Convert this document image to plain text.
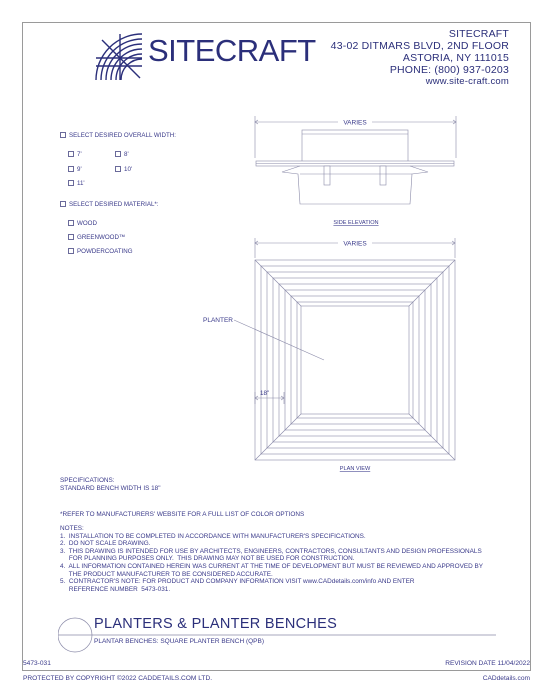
SITECRAFT	SITECRAFT
43-02 DITMARS BLVD, 2ND FLOOR
ASTORIA, NY 111015
PHONE: (800) 937-0203
www.site-craft.com
SELECT DESIRED OVERALL WIDTH:
7'	8'
9'	10'
11'
SELECT DESIRED MATERIAL*:
WOOD
GREENWOOD™
POWDERCOATING
VARIES
SIDE ELEVATION
VARIES
PLANTER
18"
PLAN VIEW
SPECIFICATIONS:
STANDARD BENCH WIDTH IS 18"
*REFER TO MANUFACTURERS' WEBSITE FOR A FULL LIST OF COLOR OPTIONS
NOTES:
1.  INSTALLATION TO BE COMPLETED IN ACCORDANCE WITH MANUFACTURER'S SPECIFICATIONS.
2.  DO NOT SCALE DRAWING.
3.  THIS DRAWING IS INTENDED FOR USE BY ARCHITECTS, ENGINEERS, CONTRACTORS, CONSULTANTS AND DESIGN PROFESSIONALS
FOR PLANNING PURPOSES ONLY.  THIS DRAWING MAY NOT BE USED FOR CONSTRUCTION.
4.  ALL INFORMATION CONTAINED HEREIN WAS CURRENT AT THE TIME OF DEVELOPMENT BUT MUST BE REVIEWED AND APPROVED BY
THE PRODUCT MANUFACTURER TO BE CONSIDERED ACCURATE.
5.  CONTRACTOR'S NOTE: FOR PRODUCT AND COMPANY INFORMATION VISIT www.CADdetails.com/info AND ENTER
REFERENCE NUMBER  5473-031.
PLANTERS & PLANTER BENCHES
PLANTAR BENCHES: SQUARE PLANTER BENCH (QPB)
5473-031	REVISION DATE 11/04/2022
PROTECTED BY COPYRIGHT ©2022 CADDETAILS.COM LTD.	CADdetails.com
